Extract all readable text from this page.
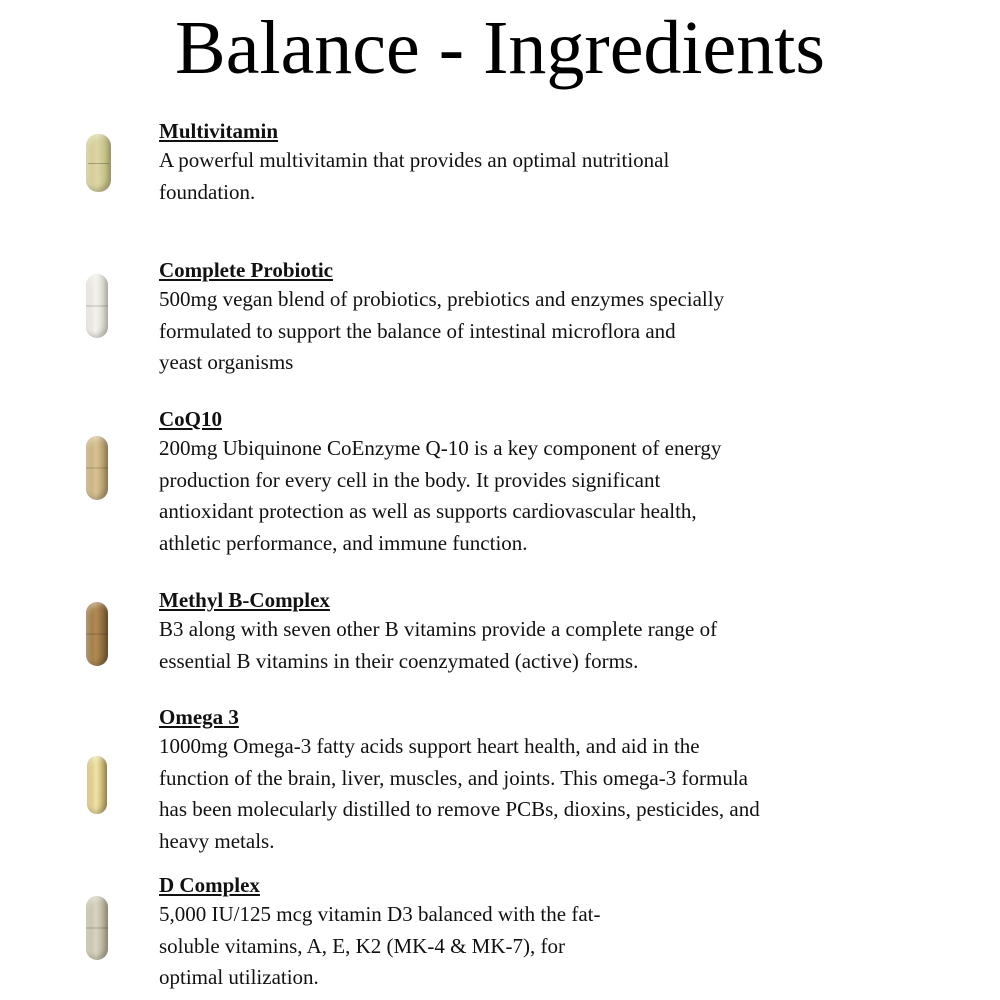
Balance - Ingredients
Multivitamin

A powerful multivitamin that provides an optimal nutritional
foundation.

Complete Probiotic

500mg vegan blend of probiotics, prebiotics and enzymes specially
formulated to support the balance of intestinal microflora and
yeast organisms

CoQ10

200mg Ubiquinone CoEnzyme Q-10 is a key component of energy
production for every cell in the body. It provides significant
antioxidant protection as well as supports cardiovascular health,
athletic performance, and immune function.

Methyl B-Complex

B3 along with seven other B vitamins provide a complete range of
essential B vitamins in their coenzymated (active) forms.

Omega 3

1000mg Omega-3 fatty acids support heart health, and aid in the
function of the brain, liver, muscles, and joints. This omega-3 formula
has been molecularly distilled to remove PCBs, dioxins, pesticides, and
heavy metals.

D Complex

5,000 IU/125 mcg vitamin D3 balanced with the fat-
soluble vitamins, A, E, K2 (MK-4 & MK-7), for
optimal utilization.
